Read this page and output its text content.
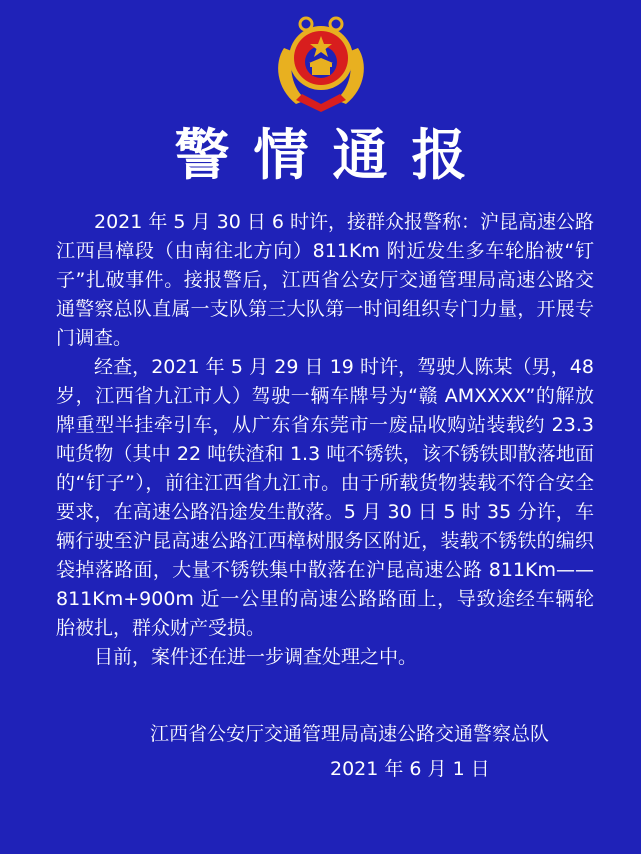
警情通报

2021 年 5 月 30 日 6 时许，接群众报警称：沪昆高速公路江西昌樟段（由南往北方向）811Km 附近发生多车轮胎被“钉子”扎破事件。接报警后，江西省公安厅交通管理局高速公路交通警察总队直属一支队第三大队第一时间组织专门力量，开展专门调查。

经查，2021 年 5 月 29 日 19 时许，驾驶人陈某（男，48 岁，江西省九江市人）驾驶一辆车牌号为“赣 AMXXXX”的解放牌重型半挂牵引车，从广东省东莞市一废品收购站装载约 23.3 吨货物（其中 22 吨铁渣和 1.3 吨不锈铁，该不锈铁即散落地面的“钉子”），前往江西省九江市。由于所载货物装载不符合安全要求，在高速公路沿途发生散落。5 月 30 日 5 时 35 分许，车辆行驶至沪昆高速公路江西樟树服务区附近，装载不锈铁的编织袋掉落路面，大量不锈铁集中散落在沪昆高速公路 811Km——811Km+900m 近一公里的高速公路路面上，导致途经车辆轮胎被扎，群众财产受损。

目前，案件还在进一步调查处理之中。

江西省公安厅交通管理局高速公路交通警察总队
2021 年 6 月 1 日
